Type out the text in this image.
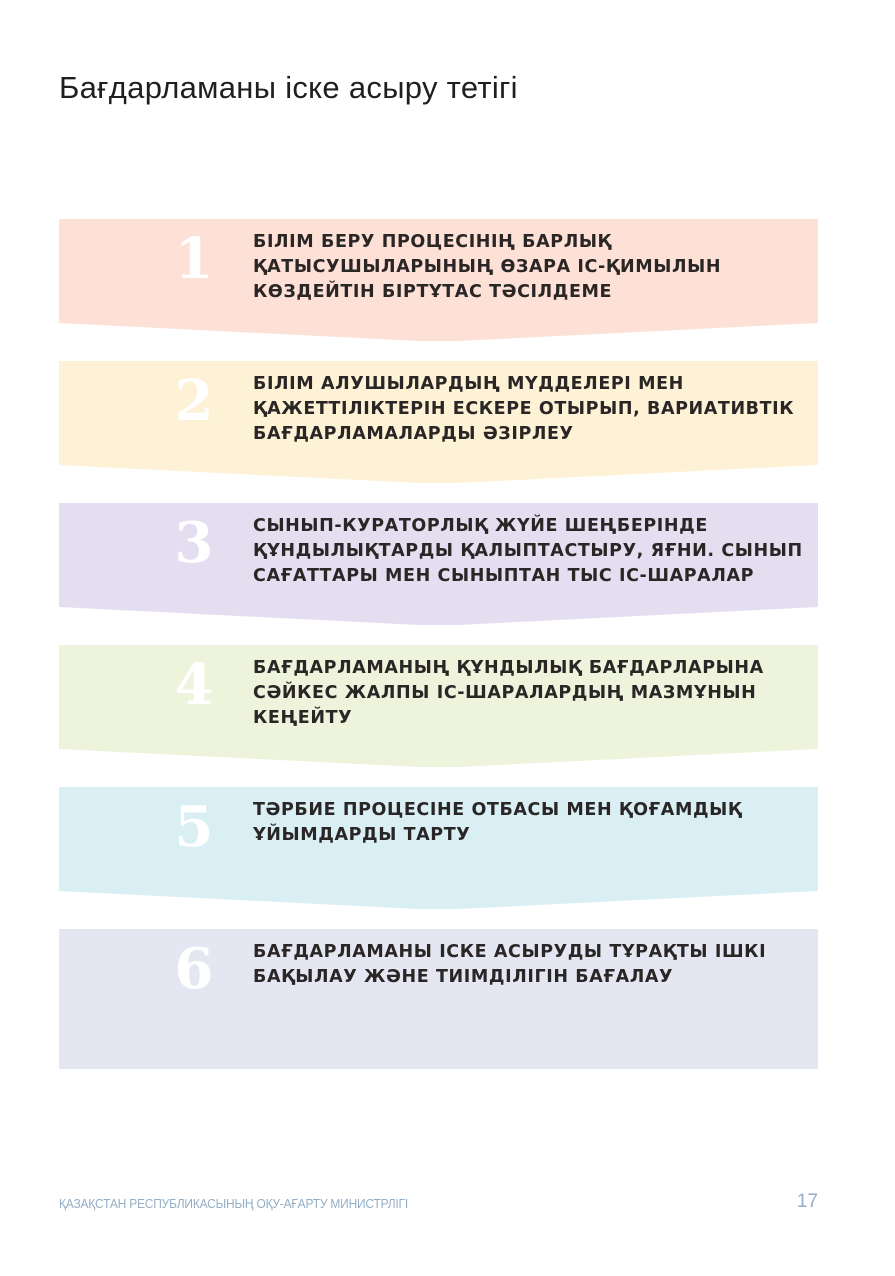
Бағдарламаны іске асыру тетігі
1 БІЛІМ БЕРУ ПРОЦЕСІНІҢ БАРЛЫҚ ҚАТЫСУШЫЛАРЫНЫҢ ӨЗАРА ІС-ҚИМЫЛЫН КӨЗДЕЙТІН БІРТҰТАС ТӘСІЛДЕМЕ
2 БІЛІМ АЛУШЫЛАРДЫҢ МҮДДЕЛЕРІ МЕН ҚАЖЕТТІЛІКТЕРІН ЕСКЕРЕ ОТЫРЫП, ВАРИАТИВТІК БАҒДАРЛАМАЛАРДЫ ӘЗІРЛЕУ
3 СЫНЫП-КУРАТОРЛЫҚ ЖҮЙЕ ШЕҢБЕРІНДЕ ҚҰНДЫЛЫҚТАРДЫ ҚАЛЫПТАСТЫРУ, ЯҒНИ. СЫНЫП САҒАТТАРЫ МЕН СЫНЫПТАН ТЫС ІС-ШАРАЛАР
4 БАҒДАРЛАМАНЫҢ ҚҰНДЫЛЫҚ БАҒДАРЛАРЫНА СӘЙКЕС ЖАЛПЫ ІС-ШАРАЛАРДЫҢ МАЗМҰНЫН КЕҢЕЙТУ
5 ТӘРБИЕ ПРОЦЕСІНЕ ОТБАСЫ МЕН ҚОҒАМДЫҚ ҰЙЫМДАРДЫ ТАРТУ
6 БАҒДАРЛАМАНЫ ІСКЕ АСЫРУДЫ ТҰРАҚТЫ ІШКІ БАҚЫЛАУ ЖӘНЕ ТИІМДІЛІГІН БАҒАЛАУ
ҚАЗАҚСТАН РЕСПУБЛИКАСЫНЫҢ ОҚУ-АҒАРТУ МИНИСТРЛІГІ	17
